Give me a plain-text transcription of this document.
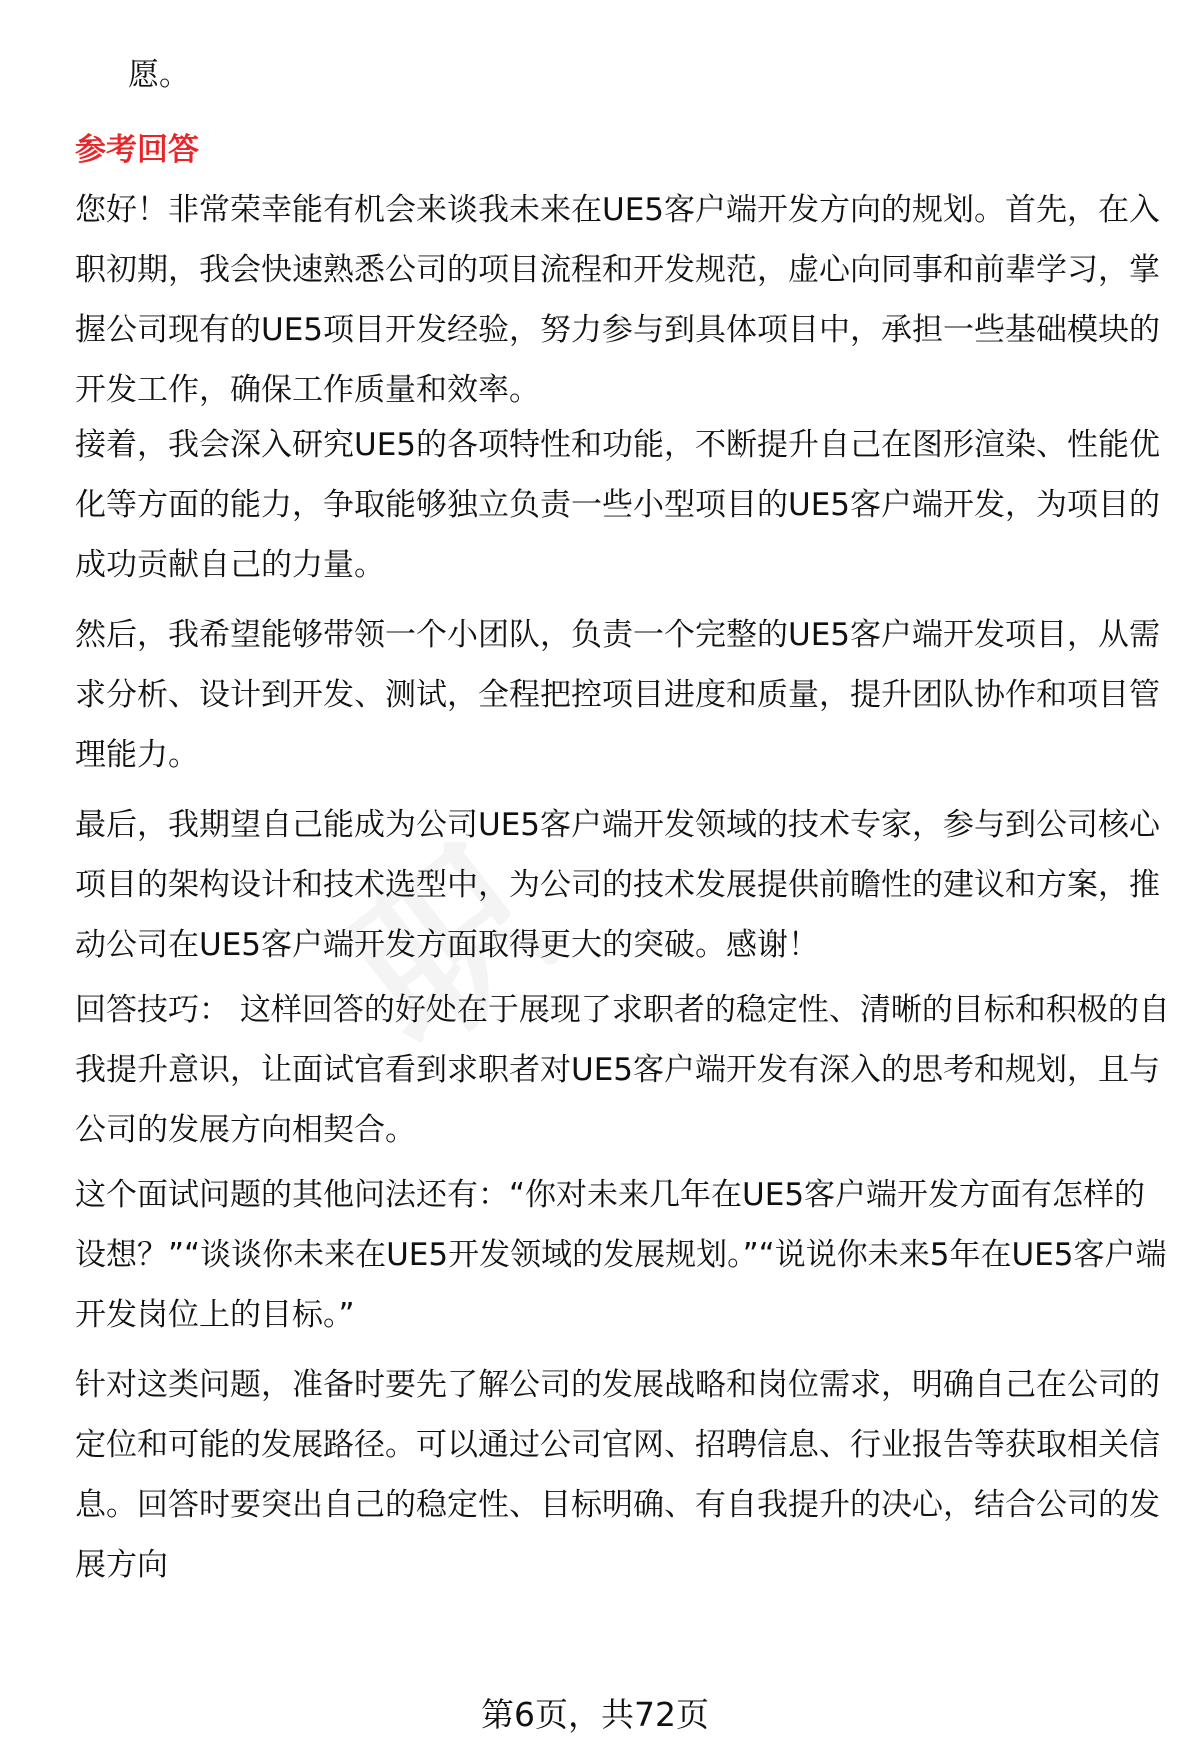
愿。
参考回答
您好！非常荣幸能有机会来谈我未来在UE5客户端开发方向的规划。首先，在入职初期，我会快速熟悉公司的项目流程和开发规范，虚心向同事和前辈学习，掌握公司现有的UE5项目开发经验，努力参与到具体项目中，承担一些基础模块的开发工作，确保工作质量和效率。
接着，我会深入研究UE5的各项特性和功能，不断提升自己在图形渲染、性能优化等方面的能力，争取能够独立负责一些小型项目的UE5客户端开发，为项目的成功贡献自己的力量。
然后，我希望能够带领一个小团队，负责一个完整的UE5客户端开发项目，从需求分析、设计到开发、测试，全程把控项目进度和质量，提升团队协作和项目管理能力。
最后，我期望自己能成为公司UE5客户端开发领域的技术专家，参与到公司核心项目的架构设计和技术选型中，为公司的技术发展提供前瞻性的建议和方案，推动公司在UE5客户端开发方面取得更大的突破。感谢！
回答技巧： 这样回答的好处在于展现了求职者的稳定性、清晰的目标和积极的自我提升意识，让面试官看到求职者对UE5客户端开发有深入的思考和规划，且与公司的发展方向相契合。
这个面试问题的其他问法还有：“你对未来几年在UE5客户端开发方面有怎样的设想？”“谈谈你未来在UE5开发领域的发展规划。”“说说你未来5年在UE5客户端开发岗位上的目标。”
针对这类问题，准备时要先了解公司的发展战略和岗位需求，明确自己在公司的定位和可能的发展路径。可以通过公司官网、招聘信息、行业报告等获取相关信息。回答时要突出自己的稳定性、目标明确、有自我提升的决心，结合公司的发展方向
第6页，共72页
